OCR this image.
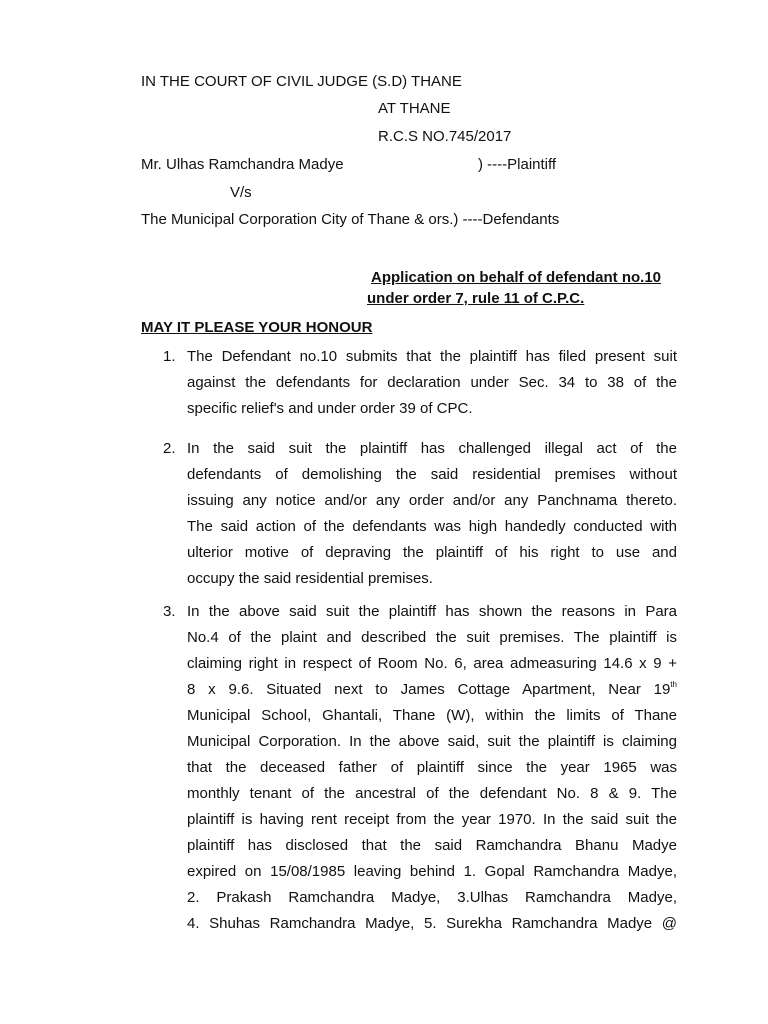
IN THE COURT OF CIVIL JUDGE (S.D) THANE
AT THANE
R.C.S NO.745/2017
Mr. Ulhas Ramchandra Madye	) ----Plaintiff
V/s
The Municipal Corporation City of Thane & ors.) ----Defendants
Application on behalf of defendant no.10
under order 7, rule 11 of C.P.C.
MAY IT PLEASE YOUR HONOUR
1. The Defendant no.10 submits that the plaintiff has filed present suit
against the defendants for declaration under Sec. 34 to 38 of the
specific relief's and under order 39 of CPC.
2. In the said suit the plaintiff has challenged illegal act of the
defendants of demolishing the said residential premises without
issuing any notice and/or any order and/or any Panchnama thereto.
The said action of the defendants was high handedly conducted with
ulterior motive of depraving the plaintiff of his right to use and
occupy the said residential premises.
3. In the above said suit the plaintiff has shown the reasons in Para
No.4 of the plaint and described the suit premises. The plaintiff is
claiming right in respect of Room No. 6, area admeasuring 14.6 x 9 +
8 x 9.6. Situated next to James Cottage Apartment, Near 19th
Municipal School, Ghantali, Thane (W), within the limits of Thane
Municipal Corporation. In the above said, suit the plaintiff is claiming
that the deceased father of plaintiff since the year 1965 was
monthly tenant of the ancestral of the defendant No. 8 & 9. The
plaintiff is having rent receipt from the year 1970. In the said suit the
plaintiff has disclosed that the said Ramchandra Bhanu Madye
expired on 15/08/1985 leaving behind 1. Gopal Ramchandra Madye,
2. Prakash Ramchandra Madye, 3.Ulhas Ramchandra Madye,
4. Shuhas Ramchandra Madye, 5. Surekha Ramchandra Madye @
